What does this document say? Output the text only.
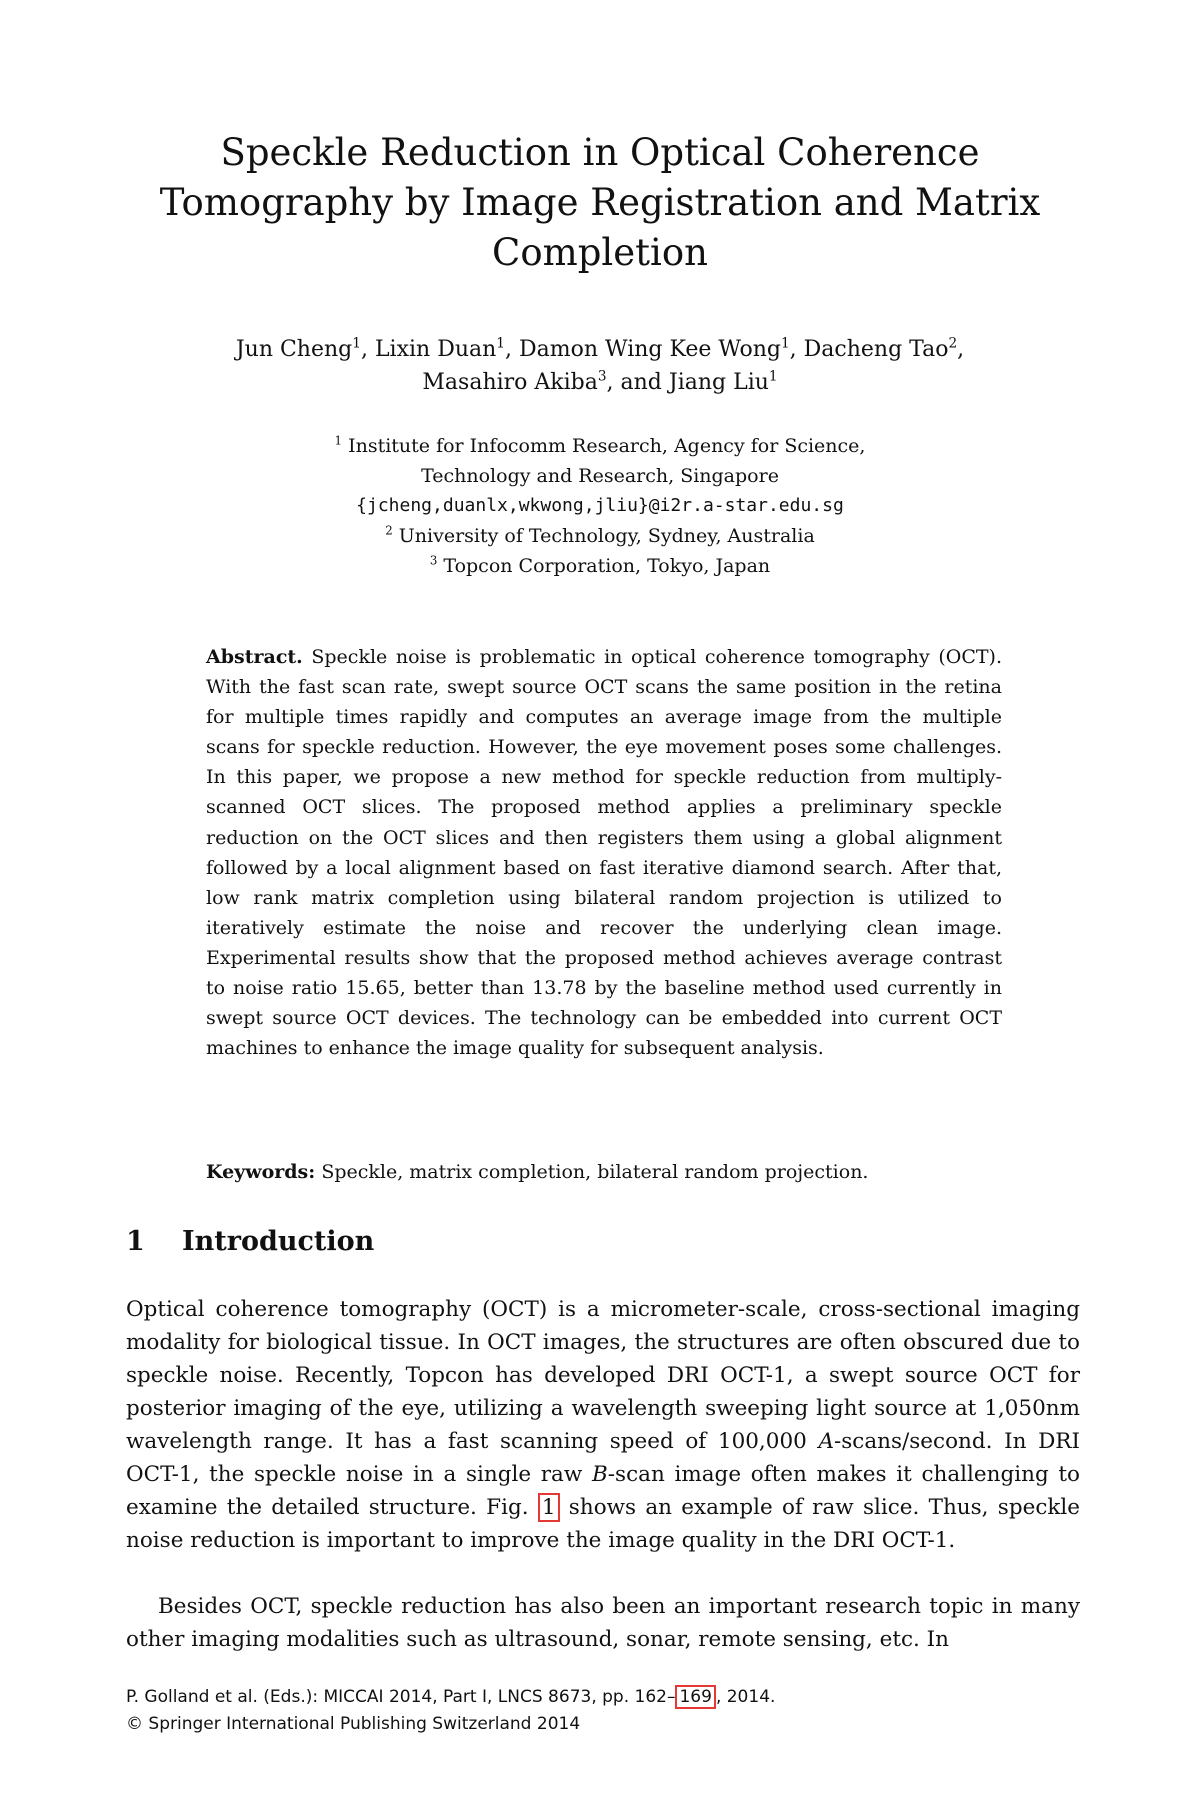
Speckle Reduction in Optical Coherence Tomography by Image Registration and Matrix Completion
Jun Cheng$^1$, Lixin Duan$^1$, Damon Wing Kee Wong$^1$, Dacheng Tao$^2$,
Masahiro Akiba$^3$, and Jiang Liu$^1$
$^1$ Institute for Infocomm Research, Agency for Science,
Technology and Research, Singapore
{jcheng,duanlx,wkwong,jliu}@i2r.a-star.edu.sg
$^2$ University of Technology, Sydney, Australia
$^3$ Topcon Corporation, Tokyo, Japan
Abstract. Speckle noise is problematic in optical coherence tomography (OCT). With the fast scan rate, swept source OCT scans the same position in the retina for multiple times rapidly and computes an average image from the multiple scans for speckle reduction. However, the eye movement poses some challenges. In this paper, we propose a new method for speckle reduction from multiply-scanned OCT slices. The proposed method applies a preliminary speckle reduction on the OCT slices and then registers them using a global alignment followed by a local alignment based on fast iterative diamond search. After that, low rank matrix completion using bilateral random projection is utilized to iteratively estimate the noise and recover the underlying clean image. Experimental results show that the proposed method achieves average contrast to noise ratio 15.65, better than 13.78 by the baseline method used currently in swept source OCT devices. The technology can be embedded into current OCT machines to enhance the image quality for subsequent analysis.
Keywords: Speckle, matrix completion, bilateral random projection.
1 Introduction
Optical coherence tomography (OCT) is a micrometer-scale, cross-sectional imaging modality for biological tissue. In OCT images, the structures are often obscured due to speckle noise. Recently, Topcon has developed DRI OCT-1, a swept source OCT for posterior imaging of the eye, utilizing a wavelength sweeping light source at 1,050nm wavelength range. It has a fast scanning speed of 100,000 A-scans/second. In DRI OCT-1, the speckle noise in a single raw B-scan image often makes it challenging to examine the detailed structure. Fig. 1 shows an example of raw slice. Thus, speckle noise reduction is important to improve the image quality in the DRI OCT-1.
Besides OCT, speckle reduction has also been an important research topic in many other imaging modalities such as ultrasound, sonar, remote sensing, etc. In
P. Golland et al. (Eds.): MICCAI 2014, Part I, LNCS 8673, pp. 162– 169 , 2014.
© Springer International Publishing Switzerland 2014
